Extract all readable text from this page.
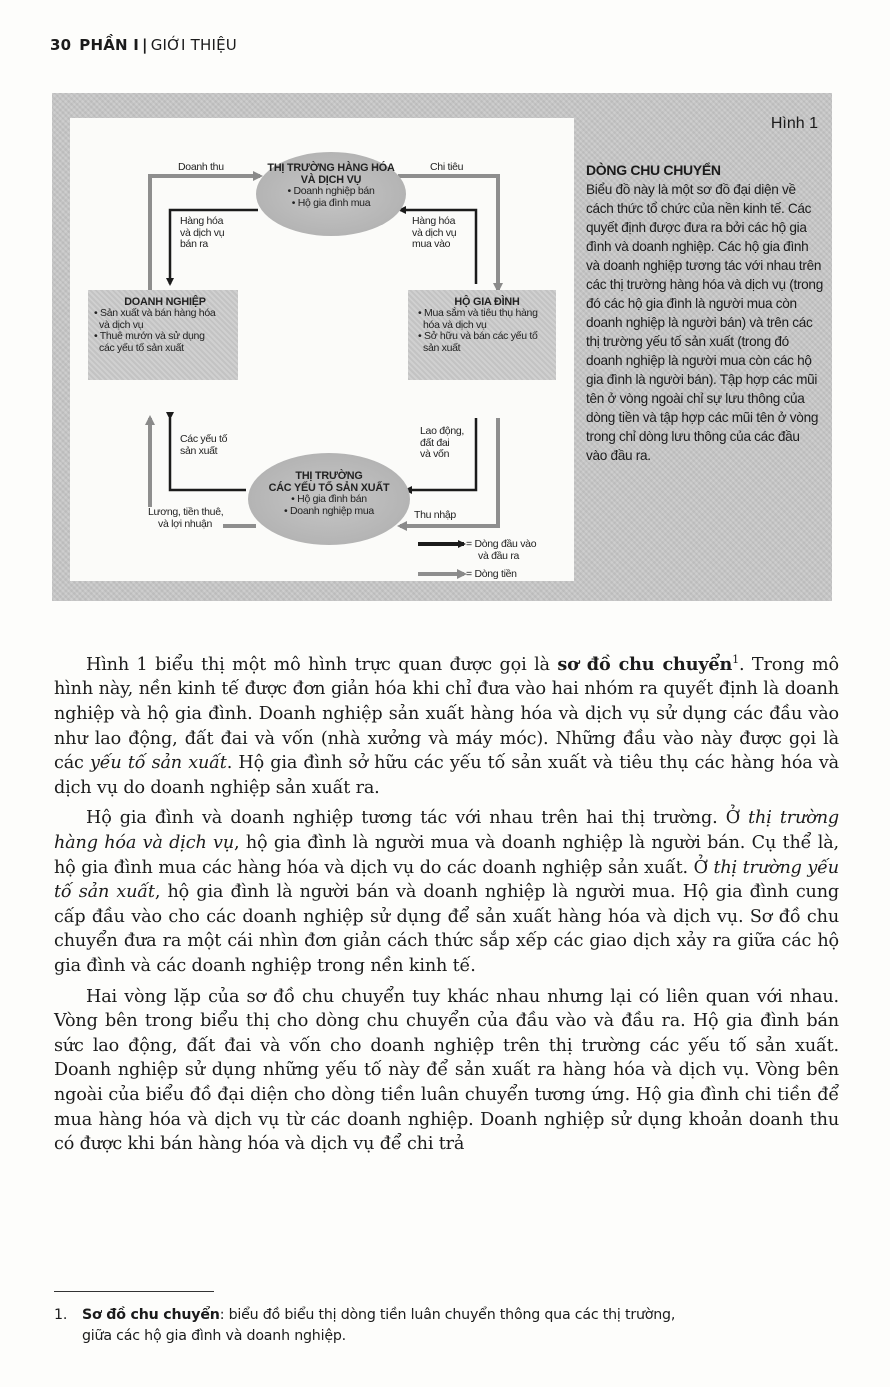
30 PHẦN I | GIỚI THIỆU
THỊ TRƯỜNG HÀNG HÓA
VÀ DỊCH VỤ
• Doanh nghiệp bán
• Hộ gia đình mua
THỊ TRƯỜNG
CÁC YẾU TỐ SẢN XUẤT
• Hộ gia đình bán
• Doanh nghiệp mua
DOANH NGHIỆP
• Sản xuất và bán hàng hóa
và dịch vụ
• Thuê mướn và sử dụng
các yếu tố sản xuất
HỘ GIA ĐÌNH
• Mua sắm và tiêu thụ hàng
hóa và dịch vụ
• Sở hữu và bán các yếu tố
sản xuất
Doanh thu	Chi tiêu
Hàng hóa
và dịch vụ
bán ra
Hàng hóa
và dịch vụ
mua vào
Các yếu tố
sản xuất
Lao động,
đất đai
và vốn
Lương, tiền thuê,
và lợi nhuận
Thu nhập
= Dòng đầu vào
và đầu ra
= Dòng tiền
Hình 1
DÒNG CHU CHUYỂN
Biểu đồ này là một sơ đồ đại diện về cách thức tổ chức của nền kinh tế. Các quyết định được đưa ra bởi các hộ gia đình và doanh nghiệp. Các hộ gia đình và doanh nghiệp tương tác với nhau trên các thị trường hàng hóa và dịch vụ (trong đó các hộ gia đình là người mua còn doanh nghiệp là người bán) và trên các thị trường yếu tố sản xuất (trong đó doanh nghiệp là người mua còn các hộ gia đình là người bán). Tập hợp các mũi tên ở vòng ngoài chỉ sự lưu thông của dòng tiền và tập hợp các mũi tên ở vòng trong chỉ dòng lưu thông của các đầu vào đầu ra.

Hình 1 biểu thị một mô hình trực quan được gọi là sơ đồ chu chuyển$^1$. Trong mô hình này, nền kinh tế được đơn giản hóa khi chỉ đưa vào hai nhóm ra quyết định là doanh nghiệp và hộ gia đình. Doanh nghiệp sản xuất hàng hóa và dịch vụ sử dụng các đầu vào như lao động, đất đai và vốn (nhà xưởng và máy móc). Những đầu vào này được gọi là các yếu tố sản xuất. Hộ gia đình sở hữu các yếu tố sản xuất và tiêu thụ các hàng hóa và dịch vụ do doanh nghiệp sản xuất ra.

Hộ gia đình và doanh nghiệp tương tác với nhau trên hai thị trường. Ở thị trường hàng hóa và dịch vụ, hộ gia đình là người mua và doanh nghiệp là người bán. Cụ thể là, hộ gia đình mua các hàng hóa và dịch vụ do các doanh nghiệp sản xuất. Ở thị trường yếu tố sản xuất, hộ gia đình là người bán và doanh nghiệp là người mua. Hộ gia đình cung cấp đầu vào cho các doanh nghiệp sử dụng để sản xuất hàng hóa và dịch vụ. Sơ đồ chu chuyển đưa ra một cái nhìn đơn giản cách thức sắp xếp các giao dịch xảy ra giữa các hộ gia đình và các doanh nghiệp trong nền kinh tế.

Hai vòng lặp của sơ đồ chu chuyển tuy khác nhau nhưng lại có liên quan với nhau. Vòng bên trong biểu thị cho dòng chu chuyển của đầu vào và đầu ra. Hộ gia đình bán sức lao động, đất đai và vốn cho doanh nghiệp trên thị trường các yếu tố sản xuất. Doanh nghiệp sử dụng những yếu tố này để sản xuất ra hàng hóa và dịch vụ. Vòng bên ngoài của biểu đồ đại diện cho dòng tiền luân chuyển tương ứng. Hộ gia đình chi tiền để mua hàng hóa và dịch vụ từ các doanh nghiệp. Doanh nghiệp sử dụng khoản doanh thu có được khi bán hàng hóa và dịch vụ để chi trả

1. Sơ đồ chu chuyển: biểu đồ biểu thị dòng tiền luân chuyển thông qua các thị trường,
giữa các hộ gia đình và doanh nghiệp.
